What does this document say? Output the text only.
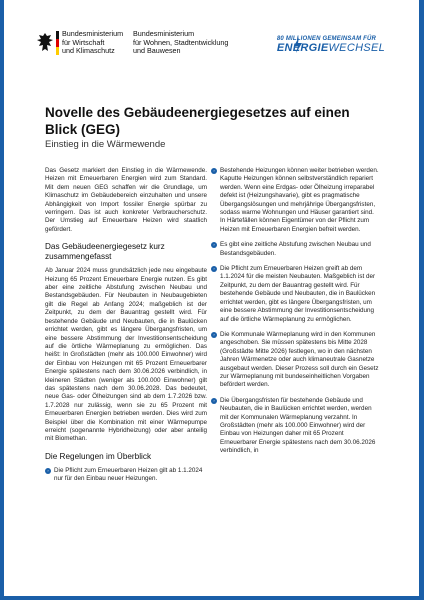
Bundesministerium
für Wirtschaft
und Klimaschutz
Bundesministerium
für Wohnen, Stadtentwicklung
und Bauwesen
80 MILLIONEN GEMEINSAM FÜR
ENERGIEWECHSEL
Novelle des Gebäudeenergiegesetzes auf einen Blick (GEG)
Einstieg in die Wärmewende

Das Gesetz markiert den Einstieg in die Wärmewende. Heizen mit Erneuerbaren Energien wird zum Standard. Mit dem neuen GEG schaffen wir die Grundlage, um Klimaschutz im Gebäudebereich einzuhalten und unsere Abhängigkeit von Import fossiler Energie spürbar zu verringern. Das ist auch konkreter Verbraucherschutz. Der Umstieg auf Erneuerbare Heizen wird staatlich gefördert.

Das Gebäudeenergiegesetz kurz zusammengefasst

Ab Januar 2024 muss grundsätzlich jede neu eingebaute Heizung 65 Prozent Erneuerbare Energie nutzen. Es gibt aber eine zeitliche Abstufung zwischen Neubau und Bestandsgebäuden. Für Neubauten in Neubaugebieten gilt die Regel ab Anfang 2024; maßgeblich ist der Zeitpunkt, zu dem der Bauantrag gestellt wird. Für bestehende Gebäude und Neubauten, die in Baulücken errichtet werden, gibt es längere Übergangsfristen, um eine bessere Abstimmung der Investitionsentscheidung auf die örtliche Wärmeplanung zu ermöglichen. Das heißt: In Großstädten (mehr als 100.000 Einwohner) wird der Einbau von Heizungen mit 65 Prozent Erneuerbarer Energie spätestens nach dem 30.06.2026 verbindlich, in kleineren Städten (weniger als 100.000 Einwohner) gilt das spätestens nach dem 30.06.2028. Das bedeutet, neue Gas- oder Ölheizungen sind ab dem 1.7.2026 bzw. 1.7.2028 nur zulässig, wenn sie zu 65 Prozent mit Erneuerbaren Energien betrieben werden. Dies wird zum Beispiel über die Kombination mit einer Wärmepumpe erreicht (sogenannte Hybridheizung) oder aber anteilig mit Biomethan.

Die Regelungen im Überblick
› Die Pflicht zum Erneuerbaren Heizen gilt ab 1.1.2024 nur für den Einbau neuer Heizungen.

› Bestehende Heizungen können weiter betrieben werden. Kaputte Heizungen können selbstverständlich repariert werden. Wenn eine Erdgas- oder Ölheizung irreparabel defekt ist (Heizungshavarie), gibt es pragmatische Übergangslösungen und mehrjährige Übergangsfristen, sodass warme Wohnungen und Häuser garantiert sind. In Härtefällen können Eigentümer von der Pflicht zum Heizen mit Erneuerbaren Energien befreit werden.

› Es gibt eine zeitliche Abstufung zwischen Neubau und Bestandsgebäuden.

› Die Pflicht zum Erneuerbaren Heizen greift ab dem 1.1.2024 für die meisten Neubauten. Maßgeblich ist der Zeitpunkt, zu dem der Bauantrag gestellt wird. Für bestehende Gebäude und Neubauten, die in Baulücken errichtet werden, gibt es längere Übergangsfristen, um eine bessere Abstimmung der Investitionsentscheidung auf die örtliche Wärmeplanung zu ermöglichen.

› Die Kommunale Wärmeplanung wird in den Kommunen angeschoben. Sie müssen spätestens bis Mitte 2028 (Großstädte Mitte 2026) festlegen, wo in den nächsten Jahren Wärmenetze oder auch klimaneutrale Gasnetze ausgebaut werden. Dieser Prozess soll durch ein Gesetz zur Wärmeplanung mit bundeseinheitlichen Vorgaben befördert werden.

› Die Übergangsfristen für bestehende Gebäude und Neubauten, die in Baulücken errichtet werden, werden mit der Kommunalen Wärmeplanung verzahnt. In Großstädten (mehr als 100.000 Einwohner) wird der Einbau von Heizungen daher mit 65 Prozent Erneuerbarer Energie spätestens nach dem 30.06.2026 verbindlich, in
